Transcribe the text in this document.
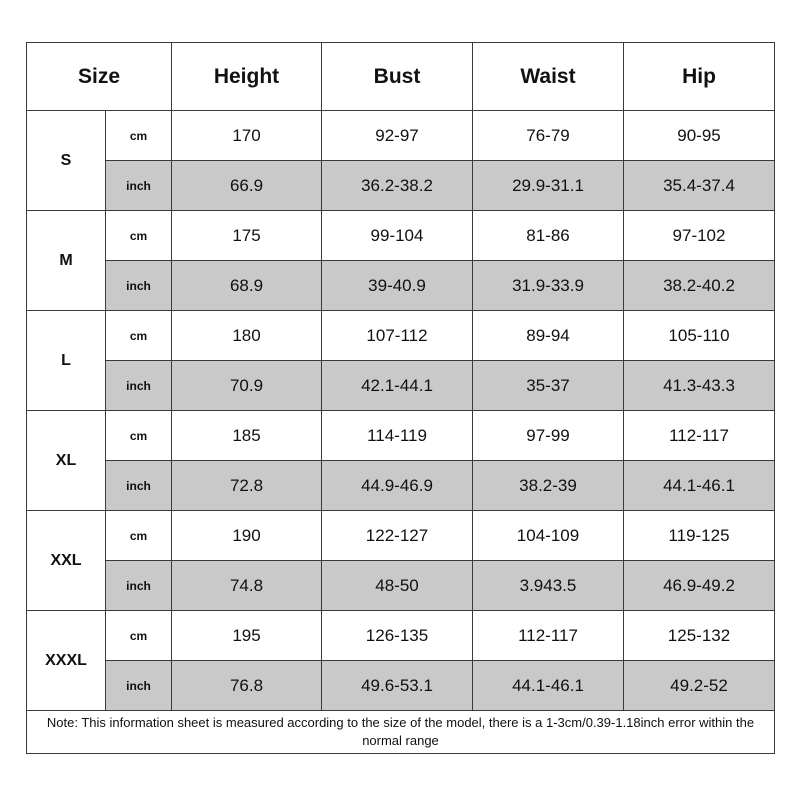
Size		Height	Bust	Waist	Hip
S	cm	170	92-97	76-79	90-95
	inch	66.9	36.2-38.2	29.9-31.1	35.4-37.4
M	cm	175	99-104	81-86	97-102
	inch	68.9	39-40.9	31.9-33.9	38.2-40.2
L	cm	180	107-112	89-94	105-110
	inch	70.9	42.1-44.1	35-37	41.3-43.3
XL	cm	185	114-119	97-99	112-117
	inch	72.8	44.9-46.9	38.2-39	44.1-46.1
XXL	cm	190	122-127	104-109	119-125
	inch	74.8	48-50	3.943.5	46.9-49.2
XXXL	cm	195	126-135	112-117	125-132
	inch	76.8	49.6-53.1	44.1-46.1	49.2-52
Note: This information sheet is measured according to the size of the model, there is a 1-3cm/0.39-1.18inch error within the normal range					
